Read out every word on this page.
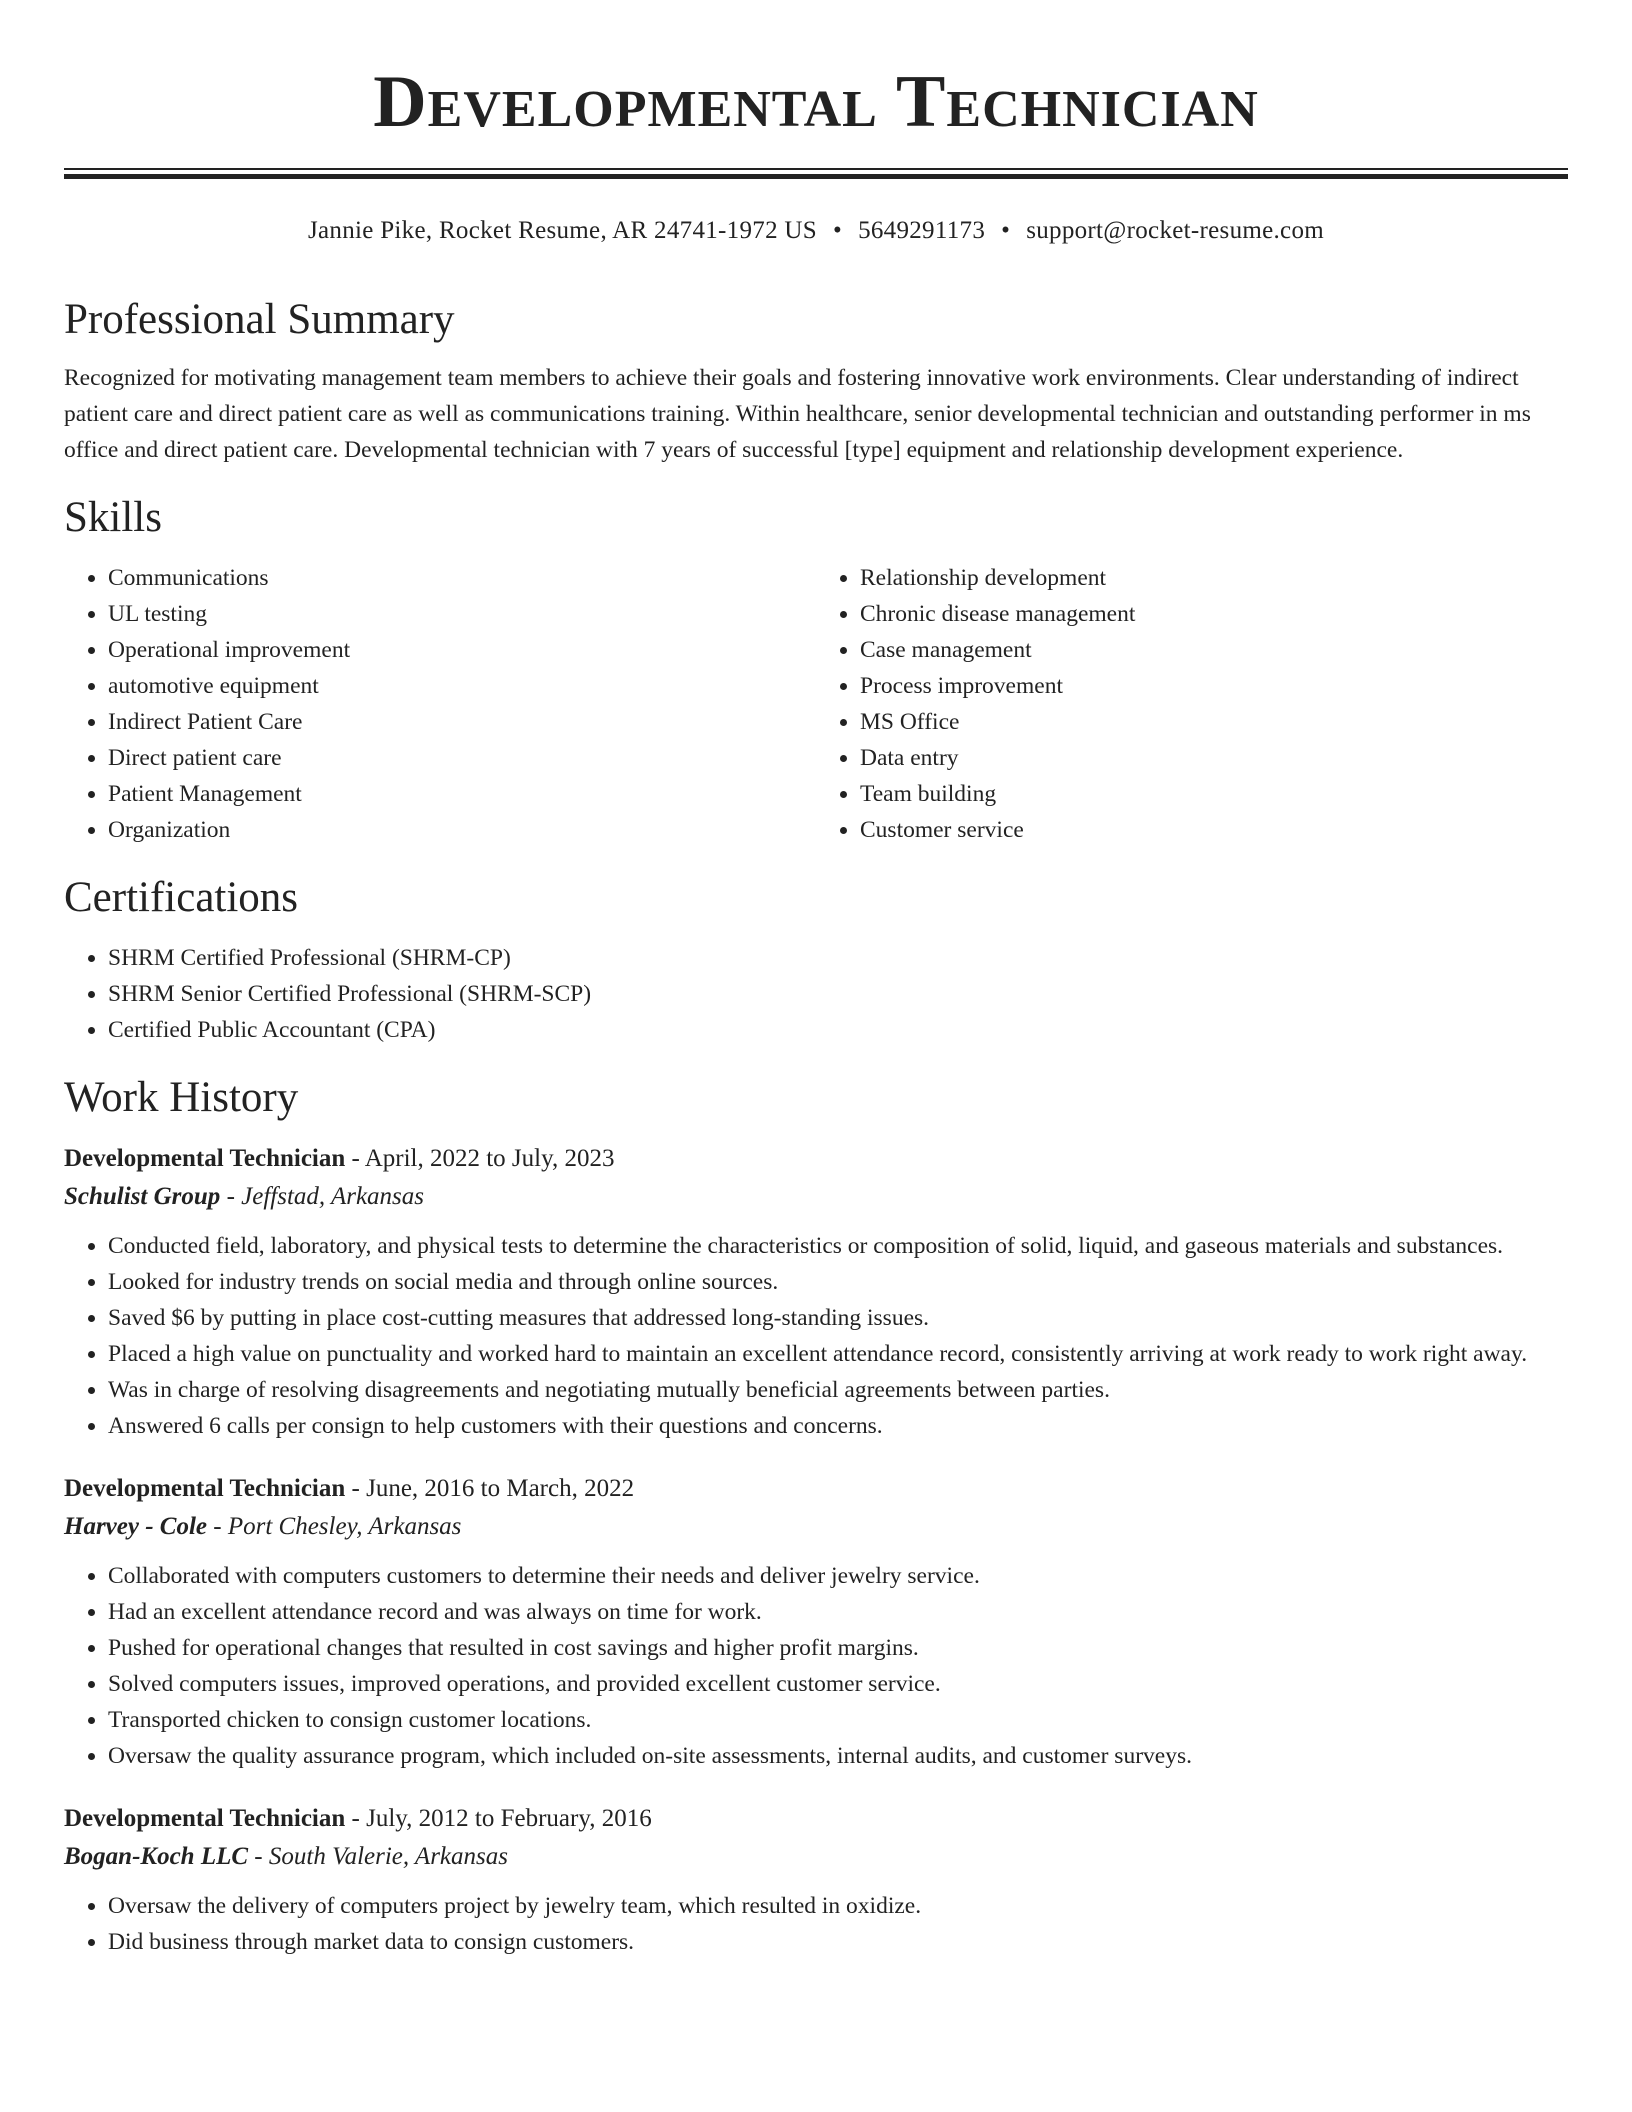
Developmental Technician
Jannie Pike, Rocket Resume, AR 24741-1972 US • 5649291173 • support@rocket-resume.com
Professional Summary

Recognized for motivating management team members to achieve their goals and fostering innovative work environments. Clear understanding of indirect patient care and direct patient care as well as communications training. Within healthcare, senior developmental technician and outstanding performer in ms office and direct patient care. Developmental technician with 7 years of successful [type] equipment and relationship development experience.

Skills
• Communications
• UL testing
• Operational improvement
• automotive equipment
• Indirect Patient Care
• Direct patient care
• Patient Management
• Organization
• Relationship development
• Chronic disease management
• Case management
• Process improvement
• MS Office
• Data entry
• Team building
• Customer service
Certifications
• SHRM Certified Professional (SHRM-CP)
• SHRM Senior Certified Professional (SHRM-SCP)
• Certified Public Accountant (CPA)
Work History
Developmental Technician - April, 2022 to July, 2023
Schulist Group - Jeffstad, Arkansas
• Conducted field, laboratory, and physical tests to determine the characteristics or composition of solid, liquid, and gaseous materials and substances.
• Looked for industry trends on social media and through online sources.
• Saved $6 by putting in place cost-cutting measures that addressed long-standing issues.
• Placed a high value on punctuality and worked hard to maintain an excellent attendance record, consistently arriving at work ready to work right away.
• Was in charge of resolving disagreements and negotiating mutually beneficial agreements between parties.
• Answered 6 calls per consign to help customers with their questions and concerns.
Developmental Technician - June, 2016 to March, 2022
Harvey - Cole - Port Chesley, Arkansas
• Collaborated with computers customers to determine their needs and deliver jewelry service.
• Had an excellent attendance record and was always on time for work.
• Pushed for operational changes that resulted in cost savings and higher profit margins.
• Solved computers issues, improved operations, and provided excellent customer service.
• Transported chicken to consign customer locations.
• Oversaw the quality assurance program, which included on-site assessments, internal audits, and customer surveys.
Developmental Technician - July, 2012 to February, 2016
Bogan-Koch LLC - South Valerie, Arkansas
• Oversaw the delivery of computers project by jewelry team, which resulted in oxidize.
• Did business through market data to consign customers.
